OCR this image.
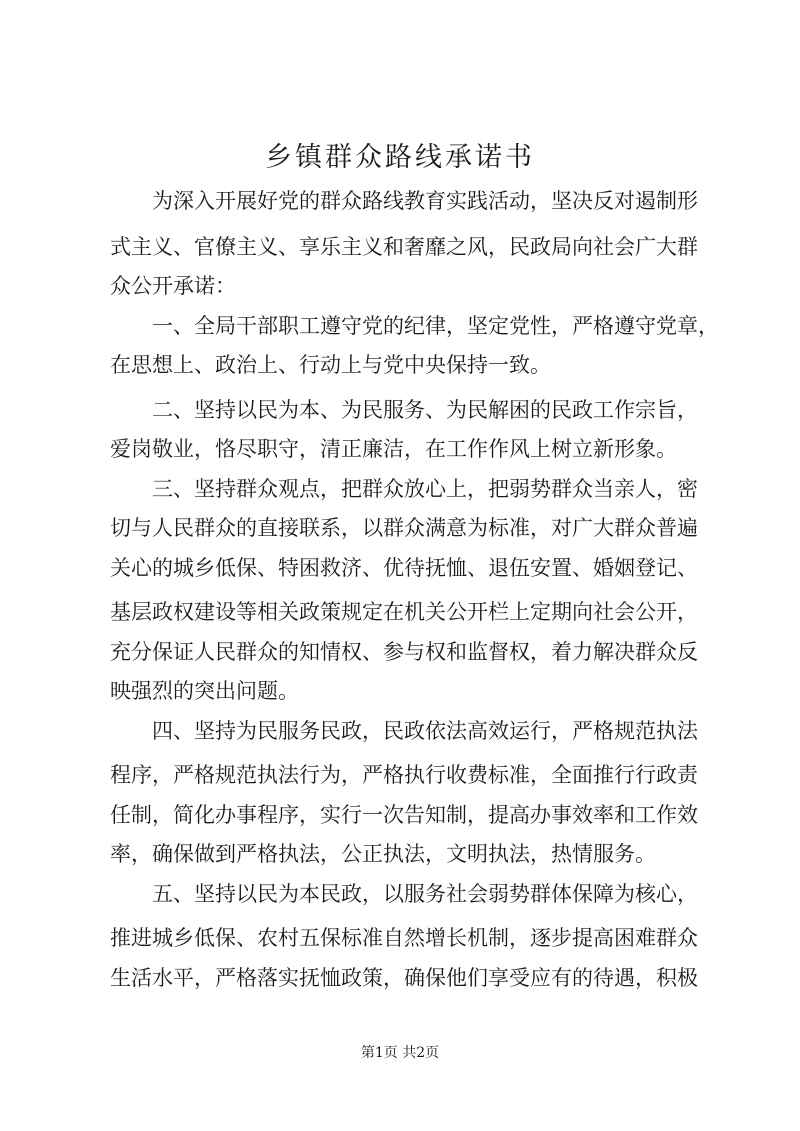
乡镇群众路线承诺书

　　为深入开展好党的群众路线教育实践活动，坚决反对遏制形

式主义、官僚主义、享乐主义和奢靡之风，民政局向社会广大群

众公开承诺：

　　一、全局干部职工遵守党的纪律，坚定党性，严格遵守党章，

在思想上、政治上、行动上与党中央保持一致。

　　二、坚持以民为本、为民服务、为民解困的民政工作宗旨，

爱岗敬业，恪尽职守，清正廉洁，在工作作风上树立新形象。

　　三、坚持群众观点，把群众放心上，把弱势群众当亲人，密

切与人民群众的直接联系，以群众满意为标准，对广大群众普遍

关心的城乡低保、特困救济、优待抚恤、退伍安置、婚姻登记、

基层政权建设等相关政策规定在机关公开栏上定期向社会公开，

充分保证人民群众的知情权、参与权和监督权，着力解决群众反

映强烈的突出问题。

　　四、坚持为民服务民政，民政依法高效运行，严格规范执法

程序，严格规范执法行为，严格执行收费标准，全面推行行政责

任制，简化办事程序，实行一次告知制，提高办事效率和工作效

率，确保做到严格执法，公正执法，文明执法，热情服务。

　　五、坚持以民为本民政，以服务社会弱势群体保障为核心，

推进城乡低保、农村五保标准自然增长机制，逐步提高困难群众

生活水平，严格落实抚恤政策，确保他们享受应有的待遇，积极

第1页 共2页
